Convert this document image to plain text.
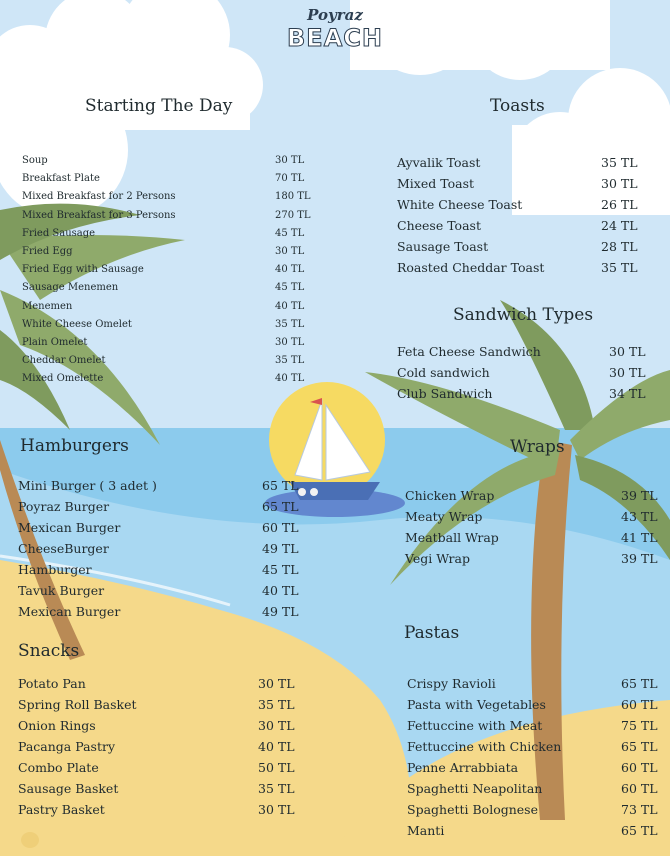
Poyraz
BEACH
Starting The Day	Toasts
Sandwich Types
Hamburgers	Wraps
Snacks
Pastas
Soup	30 TL
Breakfast Plate	70 TL
Mixed Breakfast for 2 Persons	180 TL
Mixed Breakfast for 3 Persons	270 TL
Fried Sausage	45 TL
Fried Egg	30 TL
Fried Egg with Sausage	40 TL
Sausage Menemen	45 TL
Menemen	40 TL
White Cheese Omelet	35 TL
Plain Omelet	30 TL
Cheddar Omelet	35 TL
Mixed Omelette	40 TL
Ayvalik Toast	35 TL
Mixed Toast	30 TL
White Cheese Toast	26 TL
Cheese Toast	24 TL
Sausage Toast	28 TL
Roasted Cheddar Toast	35 TL
Feta Cheese Sandwich	30 TL
Cold sandwich	30 TL
Club Sandwich	34 TL
Mini Burger ( 3 adet )	65 TL
Poyraz Burger	65 TL
Mexican Burger	60 TL
CheeseBurger	49 TL
Hamburger	45 TL
Tavuk Burger	40 TL
Mexican Burger	49 TL
Chicken Wrap	39 TL
Meaty Wrap	43 TL
Meatball Wrap	41 TL
Vegi Wrap	39 TL
Potato Pan	30 TL
Spring Roll Basket	35 TL
Onion Rings	30 TL
Pacanga Pastry	40 TL
Combo Plate	50 TL
Sausage Basket	35 TL
Pastry Basket	30 TL
Crispy Ravioli	65 TL
Pasta with Vegetables	60 TL
Fettuccine with Meat	75 TL
Fettuccine with Chicken	65 TL
Penne Arrabbiata	60 TL
Spaghetti Neapolitan	60 TL
Spaghetti Bolognese	73 TL
Manti	65 TL
